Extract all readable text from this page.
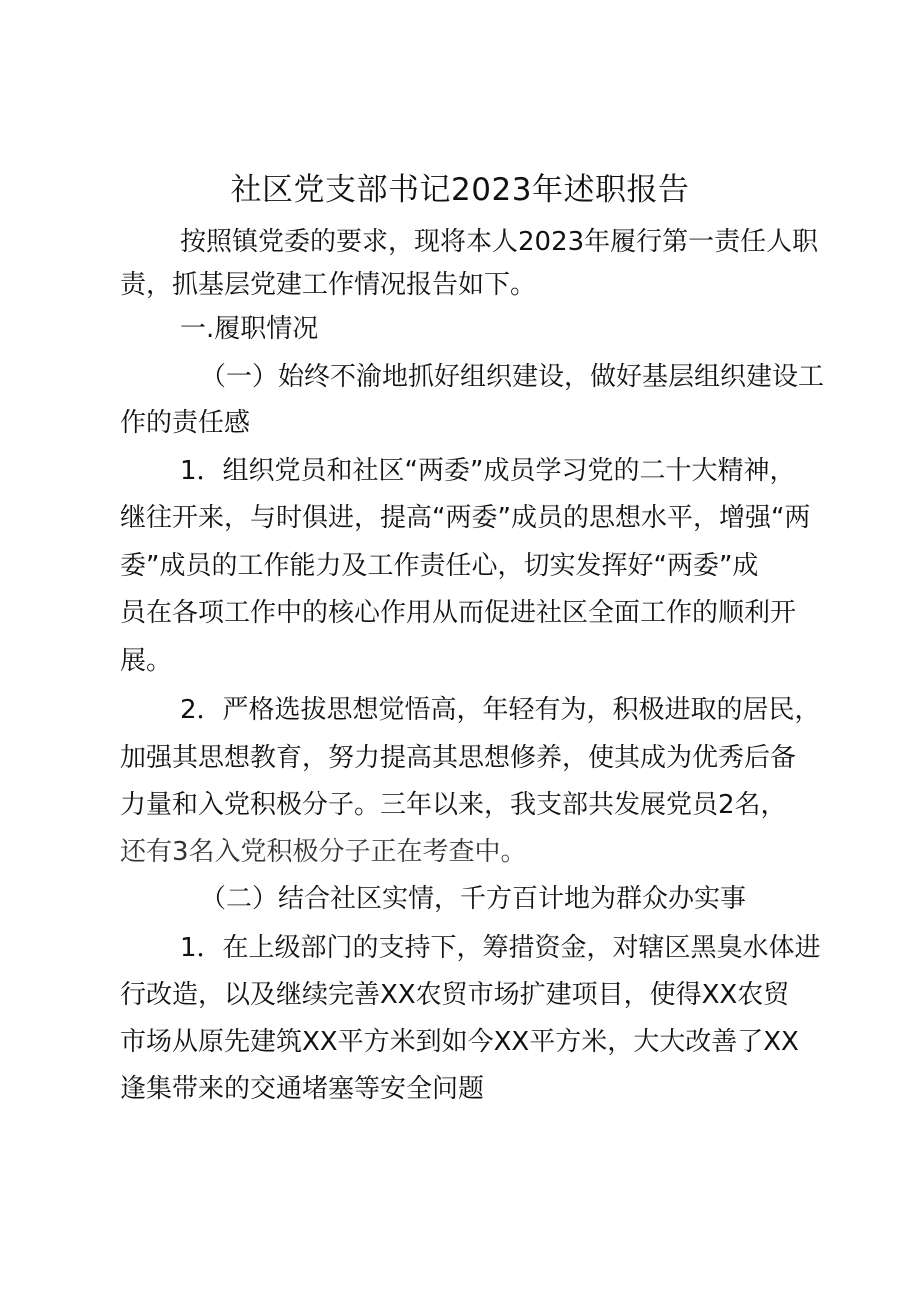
社区党支部书记2023年述职报告
按照镇党委的要求，现将本人2023年履行第一责任人职
责，抓基层党建工作情况报告如下。
一.履职情况
（一）始终不渝地抓好组织建设，做好基层组织建设工
作的责任感
1．组织党员和社区“两委”成员学习党的二十大精神，
继往开来，与时俱进，提高“两委”成员的思想水平，增强“两
委”成员的工作能力及工作责任心，切实发挥好“两委”成
员在各项工作中的核心作用从而促进社区全面工作的顺利开
展。
2．严格选拔思想觉悟高，年轻有为，积极进取的居民，
加强其思想教育，努力提高其思想修养，使其成为优秀后备
力量和入党积极分子。三年以来，我支部共发展党员2名，
还有3名入党积极分子正在考查中。
（二）结合社区实情，千方百计地为群众办实事
1．在上级部门的支持下，筹措资金，对辖区黑臭水体进
行改造，以及继续完善XX农贸市场扩建项目，使得XX农贸
市场从原先建筑XX平方米到如今XX平方米，大大改善了XX
逢集带来的交通堵塞等安全问题
